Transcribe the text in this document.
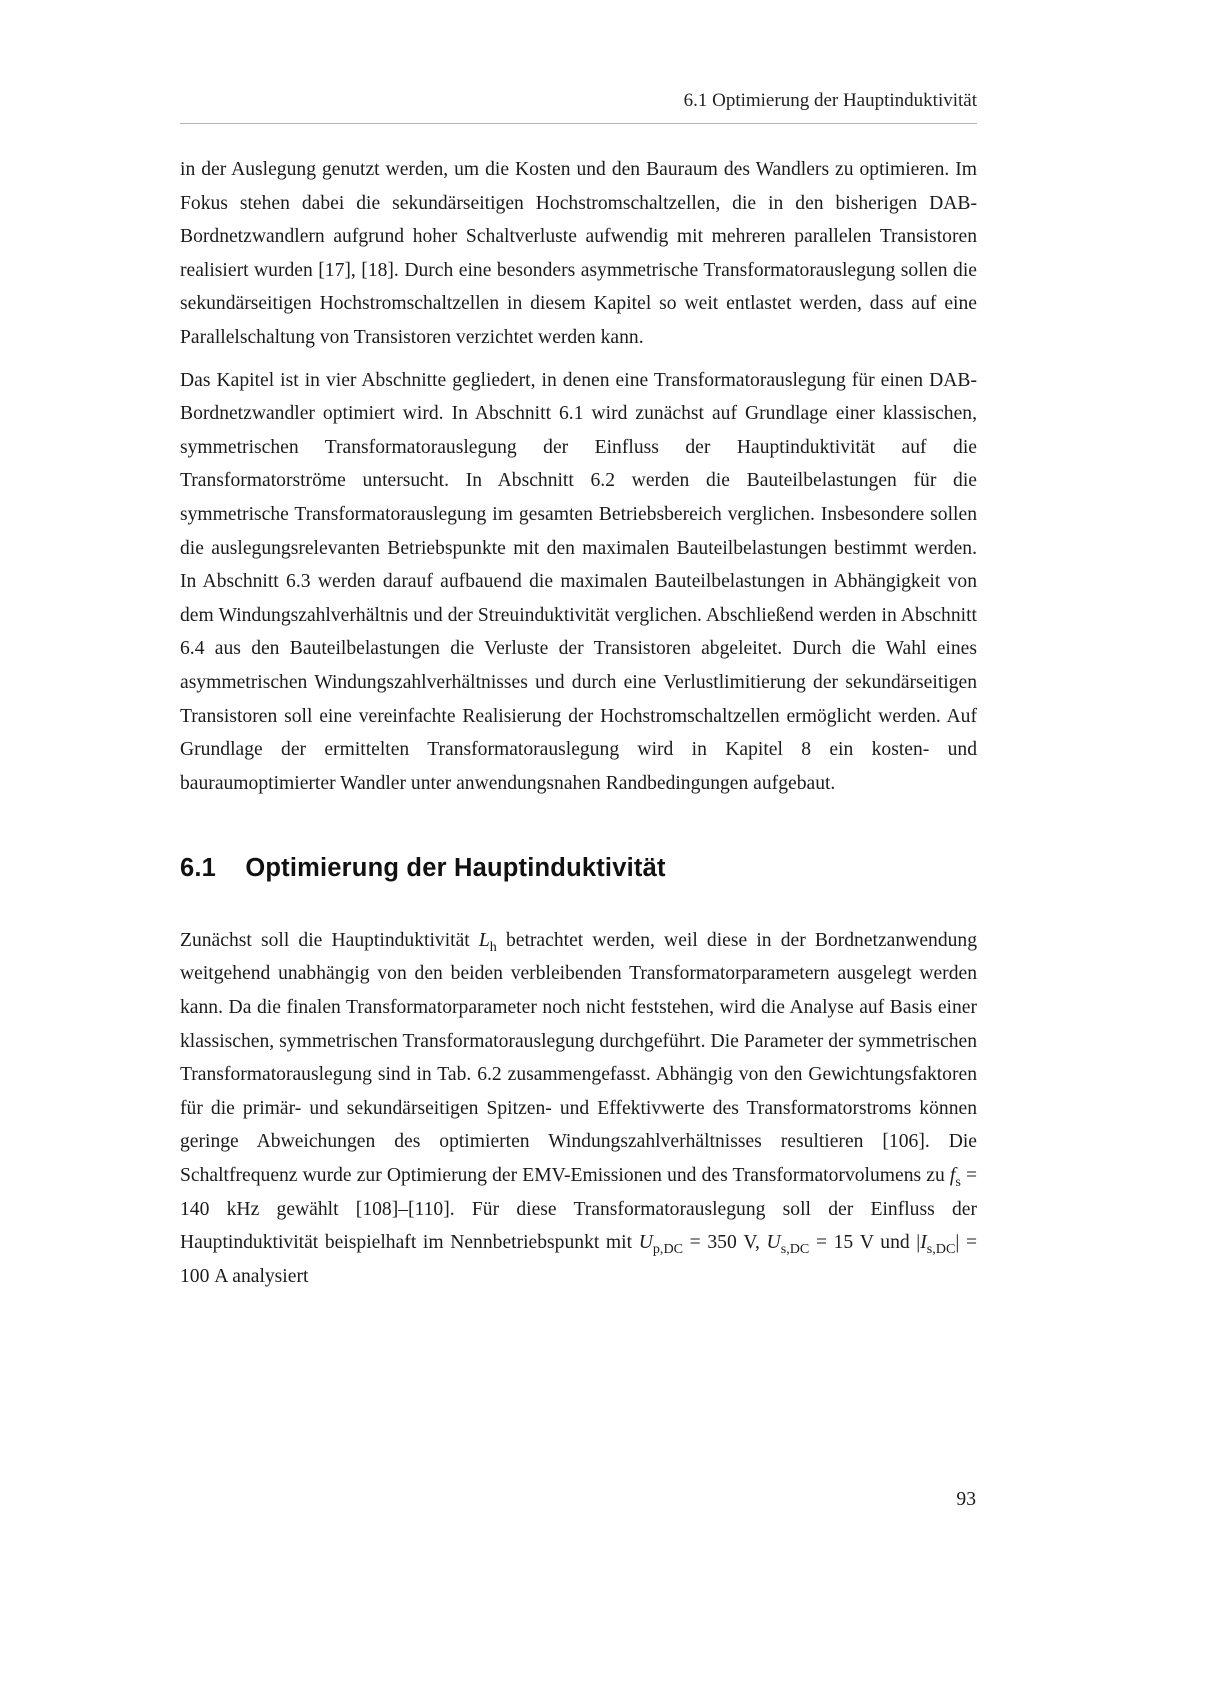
6.1 Optimierung der Hauptinduktivität

in der Auslegung genutzt werden, um die Kosten und den Bauraum des Wandlers zu optimieren. Im Fokus stehen dabei die sekundärseitigen Hochstromschaltzellen, die in den bisherigen DAB-Bordnetzwandlern aufgrund hoher Schaltverluste aufwendig mit mehreren parallelen Transistoren realisiert wurden [17], [18]. Durch eine besonders asymmetrische Transformatorauslegung sollen die sekundärseitigen Hochstromschaltzellen in diesem Kapitel so weit entlastet werden, dass auf eine Parallelschaltung von Transistoren verzichtet werden kann.

Das Kapitel ist in vier Abschnitte gegliedert, in denen eine Transformatorauslegung für einen DAB-Bordnetzwandler optimiert wird. In Abschnitt 6.1 wird zunächst auf Grundlage einer klassischen, symmetrischen Transformatorauslegung der Einfluss der Hauptinduktivität auf die Transformatorströme untersucht. In Abschnitt 6.2 werden die Bauteilbelastungen für die symmetrische Transformatorauslegung im gesamten Betriebsbereich verglichen. Insbesondere sollen die auslegungsrelevanten Betriebspunkte mit den maximalen Bauteilbelastungen bestimmt werden. In Abschnitt 6.3 werden darauf aufbauend die maximalen Bauteilbelastungen in Abhängigkeit von dem Windungszahlverhältnis und der Streuinduktivität verglichen. Abschließend werden in Abschnitt 6.4 aus den Bauteilbelastungen die Verluste der Transistoren abgeleitet. Durch die Wahl eines asymmetrischen Windungszahlverhältnisses und durch eine Verlustlimitierung der sekundärseitigen Transistoren soll eine vereinfachte Realisierung der Hochstromschaltzellen ermöglicht werden. Auf Grundlage der ermittelten Transformatorauslegung wird in Kapitel 8 ein kosten- und bauraumoptimierter Wandler unter anwendungsnahen Randbedingungen aufgebaut.

6.1 Optimierung der Hauptinduktivität

Zunächst soll die Hauptinduktivität $L_h$ betrachtet werden, weil diese in der Bordnetzanwendung weitgehend unabhängig von den beiden verbleibenden Transformatorparametern ausgelegt werden kann. Da die finalen Transformatorparameter noch nicht feststehen, wird die Analyse auf Basis einer klassischen, symmetrischen Transformatorauslegung durchgeführt. Die Parameter der symmetrischen Transformatorauslegung sind in Tab. 6.2 zusammengefasst. Abhängig von den Gewichtungsfaktoren für die primär- und sekundärseitigen Spitzen- und Effektivwerte des Transformatorstroms können geringe Abweichungen des optimierten Windungszahlverhältnisses resultieren [106]. Die Schaltfrequenz wurde zur Optimierung der EMV-Emissionen und des Transformatorvolumens zu $f_s = 140$ kHz gewählt [108]–[110]. Für diese Transformatorauslegung soll der Einfluss der Hauptinduktivität beispielhaft im Nennbetriebspunkt mit $U_{p,DC} = 350$ V, $U_{s,DC} = 15$ V und $|I_{s,DC}| = 100$ A analysiert

93
